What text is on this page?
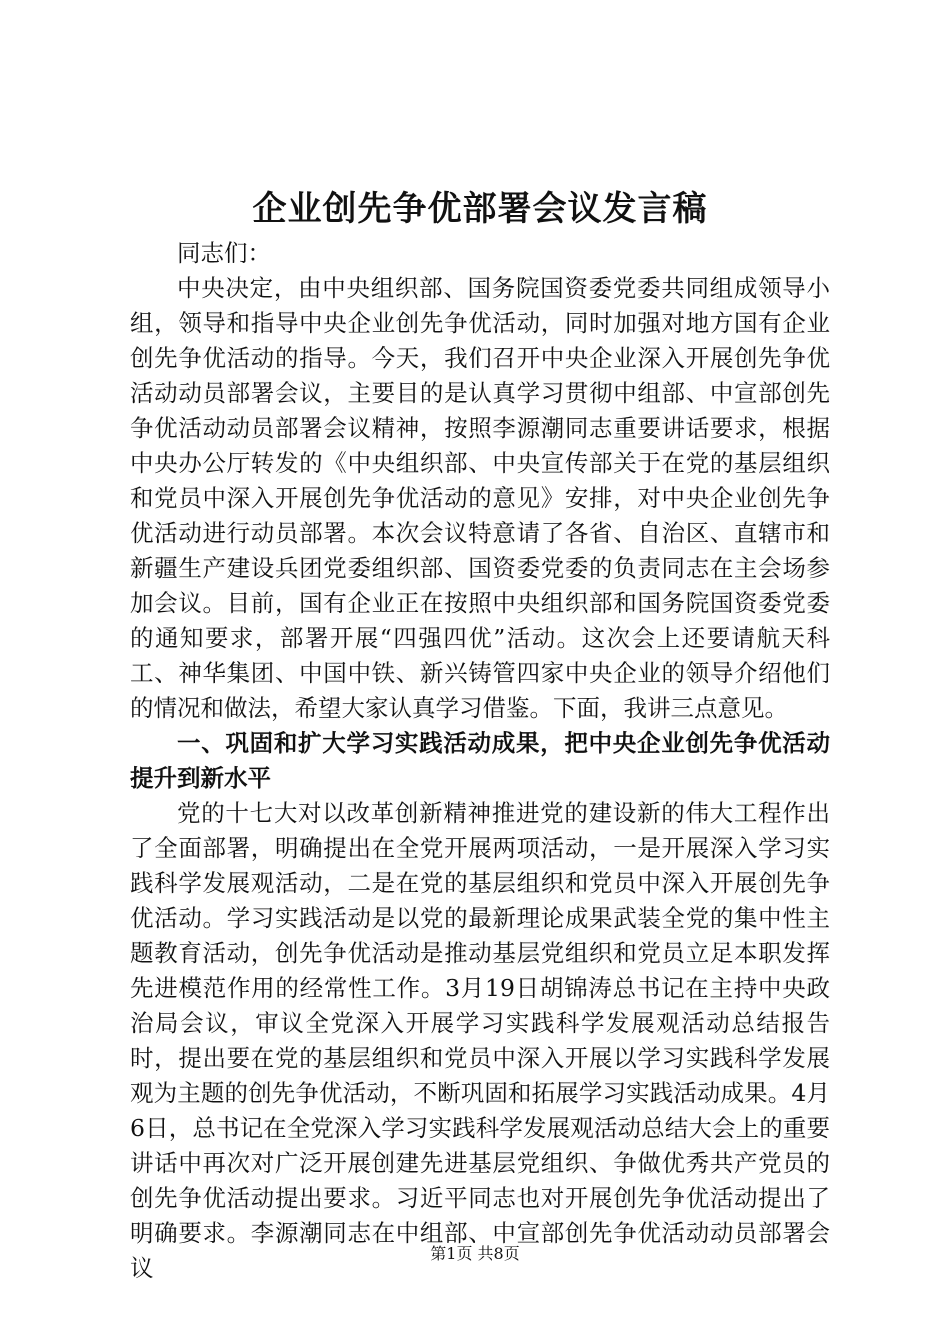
企业创先争优部署会议发言稿

同志们：

中央决定，由中央组织部、国务院国资委党委共同组成领导小组，领导和指导中央企业创先争优活动，同时加强对地方国有企业创先争优活动的指导。今天，我们召开中央企业深入开展创先争优活动动员部署会议，主要目的是认真学习贯彻中组部、中宣部创先争优活动动员部署会议精神，按照李源潮同志重要讲话要求，根据中央办公厅转发的《中央组织部、中央宣传部关于在党的基层组织和党员中深入开展创先争优活动的意见》安排，对中央企业创先争优活动进行动员部署。本次会议特意请了各省、自治区、直辖市和新疆生产建设兵团党委组织部、国资委党委的负责同志在主会场参加会议。目前，国有企业正在按照中央组织部和国务院国资委党委的通知要求，部署开展“四强四优”活动。这次会上还要请航天科工、神华集团、中国中铁、新兴铸管四家中央企业的领导介绍他们的情况和做法，希望大家认真学习借鉴。下面，我讲三点意见。

一、巩固和扩大学习实践活动成果，把中央企业创先争优活动提升到新水平

党的十七大对以改革创新精神推进党的建设新的伟大工程作出了全面部署，明确提出在全党开展两项活动，一是开展深入学习实践科学发展观活动，二是在党的基层组织和党员中深入开展创先争优活动。学习实践活动是以党的最新理论成果武装全党的集中性主题教育活动，创先争优活动是推动基层党组织和党员立足本职发挥先进模范作用的经常性工作。3月19日胡锦涛总书记在主持中央政治局会议，审议全党深入开展学习实践科学发展观活动总结报告时，提出要在党的基层组织和党员中深入开展以学习实践科学发展观为主题的创先争优活动，不断巩固和拓展学习实践活动成果。4月6日，总书记在全党深入学习实践科学发展观活动总结大会上的重要讲话中再次对广泛开展创建先进基层党组织、争做优秀共产党员的创先争优活动提出要求。习近平同志也对开展创先争优活动提出了明确要求。李源潮同志在中组部、中宣部创先争优活动动员部署会议

第1页 共8页
